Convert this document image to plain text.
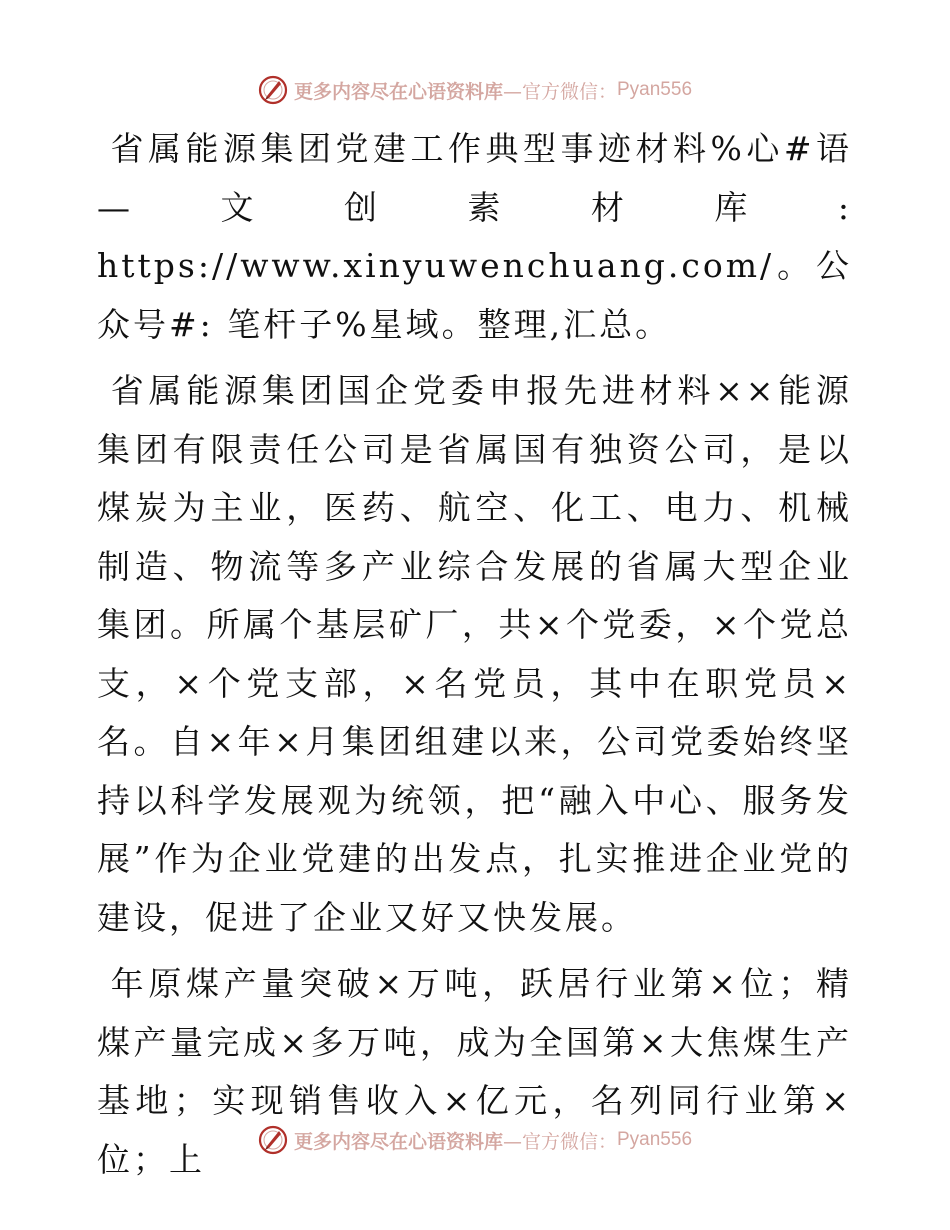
更多内容尽在心语资料库 —官方微信： Pyan556

省属能源集团党建工作典型事迹材料%心#语—文创素材库: https://www.xinyuwenchuang.com/。公众号#: 笔杆子%星域。整理,汇总。

省属能源集团国企党委申报先进材料××能源集团有限责任公司是省属国有独资公司，是以煤炭为主业，医药、航空、化工、电力、机械制造、物流等多产业综合发展的省属大型企业集团。所属个基层矿厂，共×个党委，×个党总支，×个党支部，×名党员，其中在职党员×名。自×年×月集团组建以来，公司党委始终坚持以科学发展观为统领，把“融入中心、服务发展”作为企业党建的出发点，扎实推进企业党的建设，促进了企业又好又快发展。

年原煤产量突破×万吨，跃居行业第×位；精煤产量完成×多万吨，成为全国第×大焦煤生产基地；实现销售收入×亿元，名列同行业第×位；上	更多内容尽在心语资料库 —官方微信： Pyan556
